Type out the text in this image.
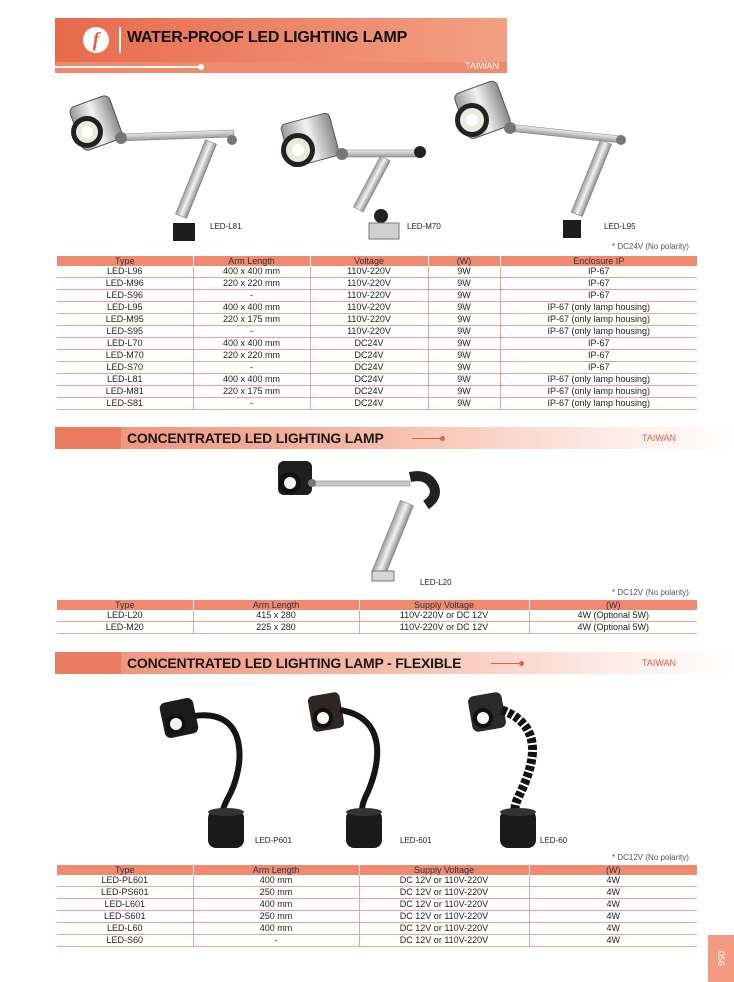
f	WATER-PROOF LED LIGHTING LAMP
TAIWAN
LED-L81	LED-M70	LED-L95
* DC24V (No polarity)
Type	Arm Length	Voltage	(W)	Enclosure IP
LED-L96	400 x 400 mm	110V-220V	9W	IP-67
LED-M96	220 x 220 mm	110V-220V	9W	IP-67
LED-S96	-	110V-220V	9W	IP-67
LED-L95	400 x 400 mm	110V-220V	9W	IP-67 (only lamp housing)
LED-M95	220 x 175 mm	110V-220V	9W	IP-67 (only lamp housing)
LED-S95	-	110V-220V	9W	IP-67 (only lamp housing)
LED-L70	400 x 400 mm	DC24V	9W	IP-67
LED-M70	220 x 220 mm	DC24V	9W	IP-67
LED-S70	-	DC24V	9W	IP-67
LED-L81	400 x 400 mm	DC24V	9W	IP-67 (only lamp housing)
LED-M81	220 x 175 mm	DC24V	9W	IP-67 (only lamp housing)
LED-S81	-	DC24V	9W	IP-67 (only lamp housing)
CONCENTRATED LED LIGHTING LAMP	TAIWAN
LED-L20
* DC12V (No polarity)
Type	Arm Length	Supply Voltage	(W)
LED-L20	415 x 280	110V-220V or DC 12V	4W (Optional 5W)
LED-M20	225 x 280	110V-220V or DC 12V	4W (Optional 5W)
CONCENTRATED LED LIGHTING LAMP - FLEXIBLE	TAIWAN
LED-P601	LED-601	LED-60
* DC12V (No polarity)
Type	Arm Length	Supply Voltage	(W)
LED-PL601	400 mm	DC 12V or 110V-220V	4W
LED-PS601	250 mm	DC 12V or 110V-220V	4W
LED-L601	400 mm	DC 12V or 110V-220V	4W
LED-S601	250 mm	DC 12V or 110V-220V	4W
LED-L60	400 mm	DC 12V or 110V-220V	4W
LED-S60	-	DC 12V or 110V-220V	4W
056
